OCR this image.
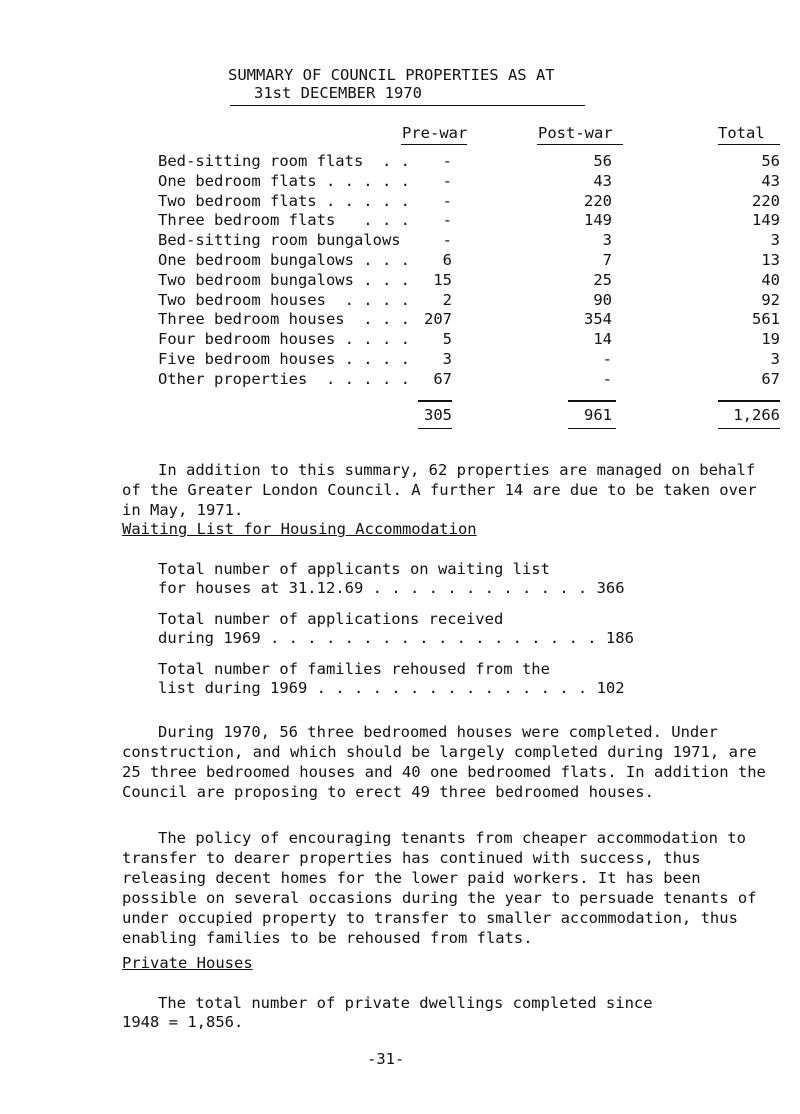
SUMMARY OF COUNCIL PROPERTIES AS AT
31st DECEMBER 1970
Pre-war	Post-war	Total
Bed-sitting room flats  . .	-	56	56
One bedroom flats . . . . .	-	43	43
Two bedroom flats . . . . .	-	220	220
Three bedroom flats   . . .	-	149	149
Bed-sitting room bungalows	-	3	3
One bedroom bungalows . . .	6	7	13
Two bedroom bungalows . . .	15	25	40
Two bedroom houses  . . . .	2	90	92
Three bedroom houses  . . . 207	354	561
Four bedroom houses . . . .	5	14	19
Five bedroom houses . . . .	3	-	3
Other properties  . . . . .	67	-	67
305	961	1,266
In addition to this summary, 62 properties are managed on behalf of the Greater London Council. A further 14 are due to be taken over in May, 1971.
Waiting List for Housing Accommodation
Total number of applicants on waiting list
for houses at 31.12.69 . . . . . . . . . . . . 366
Total number of applications received
during 1969 . . . . . . . . . . . . . . . . . . 186
Total number of families rehoused from the
list during 1969 . . . . . . . . . . . . . . . 102
During 1970, 56 three bedroomed houses were completed. Under construction, and which should be largely completed during 1971, are 25 three bedroomed houses and 40 one bedroomed flats. In addition the Council are proposing to erect 49 three bedroomed houses.
The policy of encouraging tenants from cheaper accommodation to transfer to dearer properties has continued with success, thus releasing decent homes for the lower paid workers. It has been possible on several occasions during the year to persuade tenants of under occupied property to transfer to smaller accommodation, thus enabling families to be rehoused from flats.
Private Houses
The total number of private dwellings completed since
1948 = 1,856.
-31-
